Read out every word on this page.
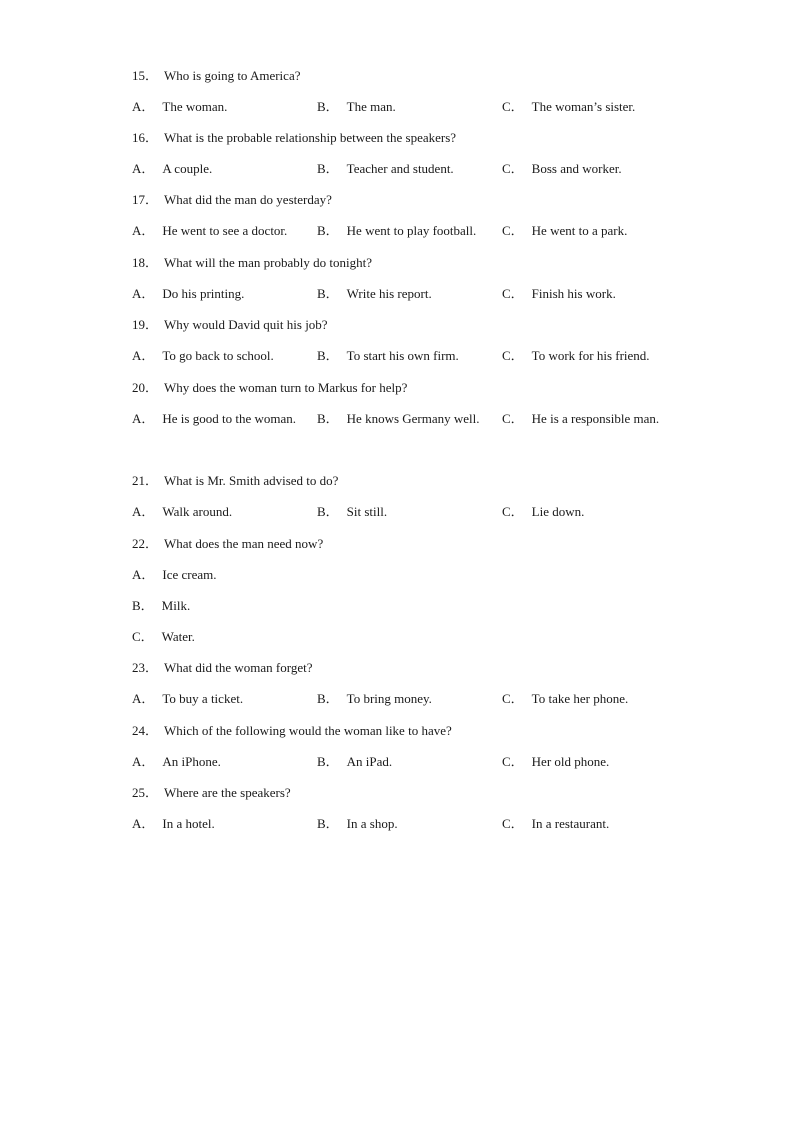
15． Who is going to America?
A． The woman.	B． The man.	C． The woman’s sister.
16． What is the probable relationship between the speakers?
A． A couple.	B． Teacher and student.	C． Boss and worker.
17． What did the man do yesterday?
A． He went to see a doctor. B． He went to play football. C． He went to a park.
18． What will the man probably do tonight?
A． Do his printing.	B． Write his report.	C． Finish his work.
19． Why would David quit his job?
A． To go back to school.	B． To start his own firm.	C． To work for his friend.
20． Why does the woman turn to Markus for help?
A． He is good to the woman. B． He knows Germany well. C． He is a responsible man.
21． What is Mr. Smith advised to do?
A． Walk around.	B． Sit still.	C． Lie down.
22． What does the man need now?
A． Ice cream.
B． Milk.
C． Water.
23． What did the woman forget?
A． To buy a ticket.	B． To bring money.	C． To take her phone.
24． Which of the following would the woman like to have?
A． An iPhone.	B． An iPad.	C． Her old phone.
25． Where are the speakers?
A． In a hotel.	B． In a shop.	C． In a restaurant.
